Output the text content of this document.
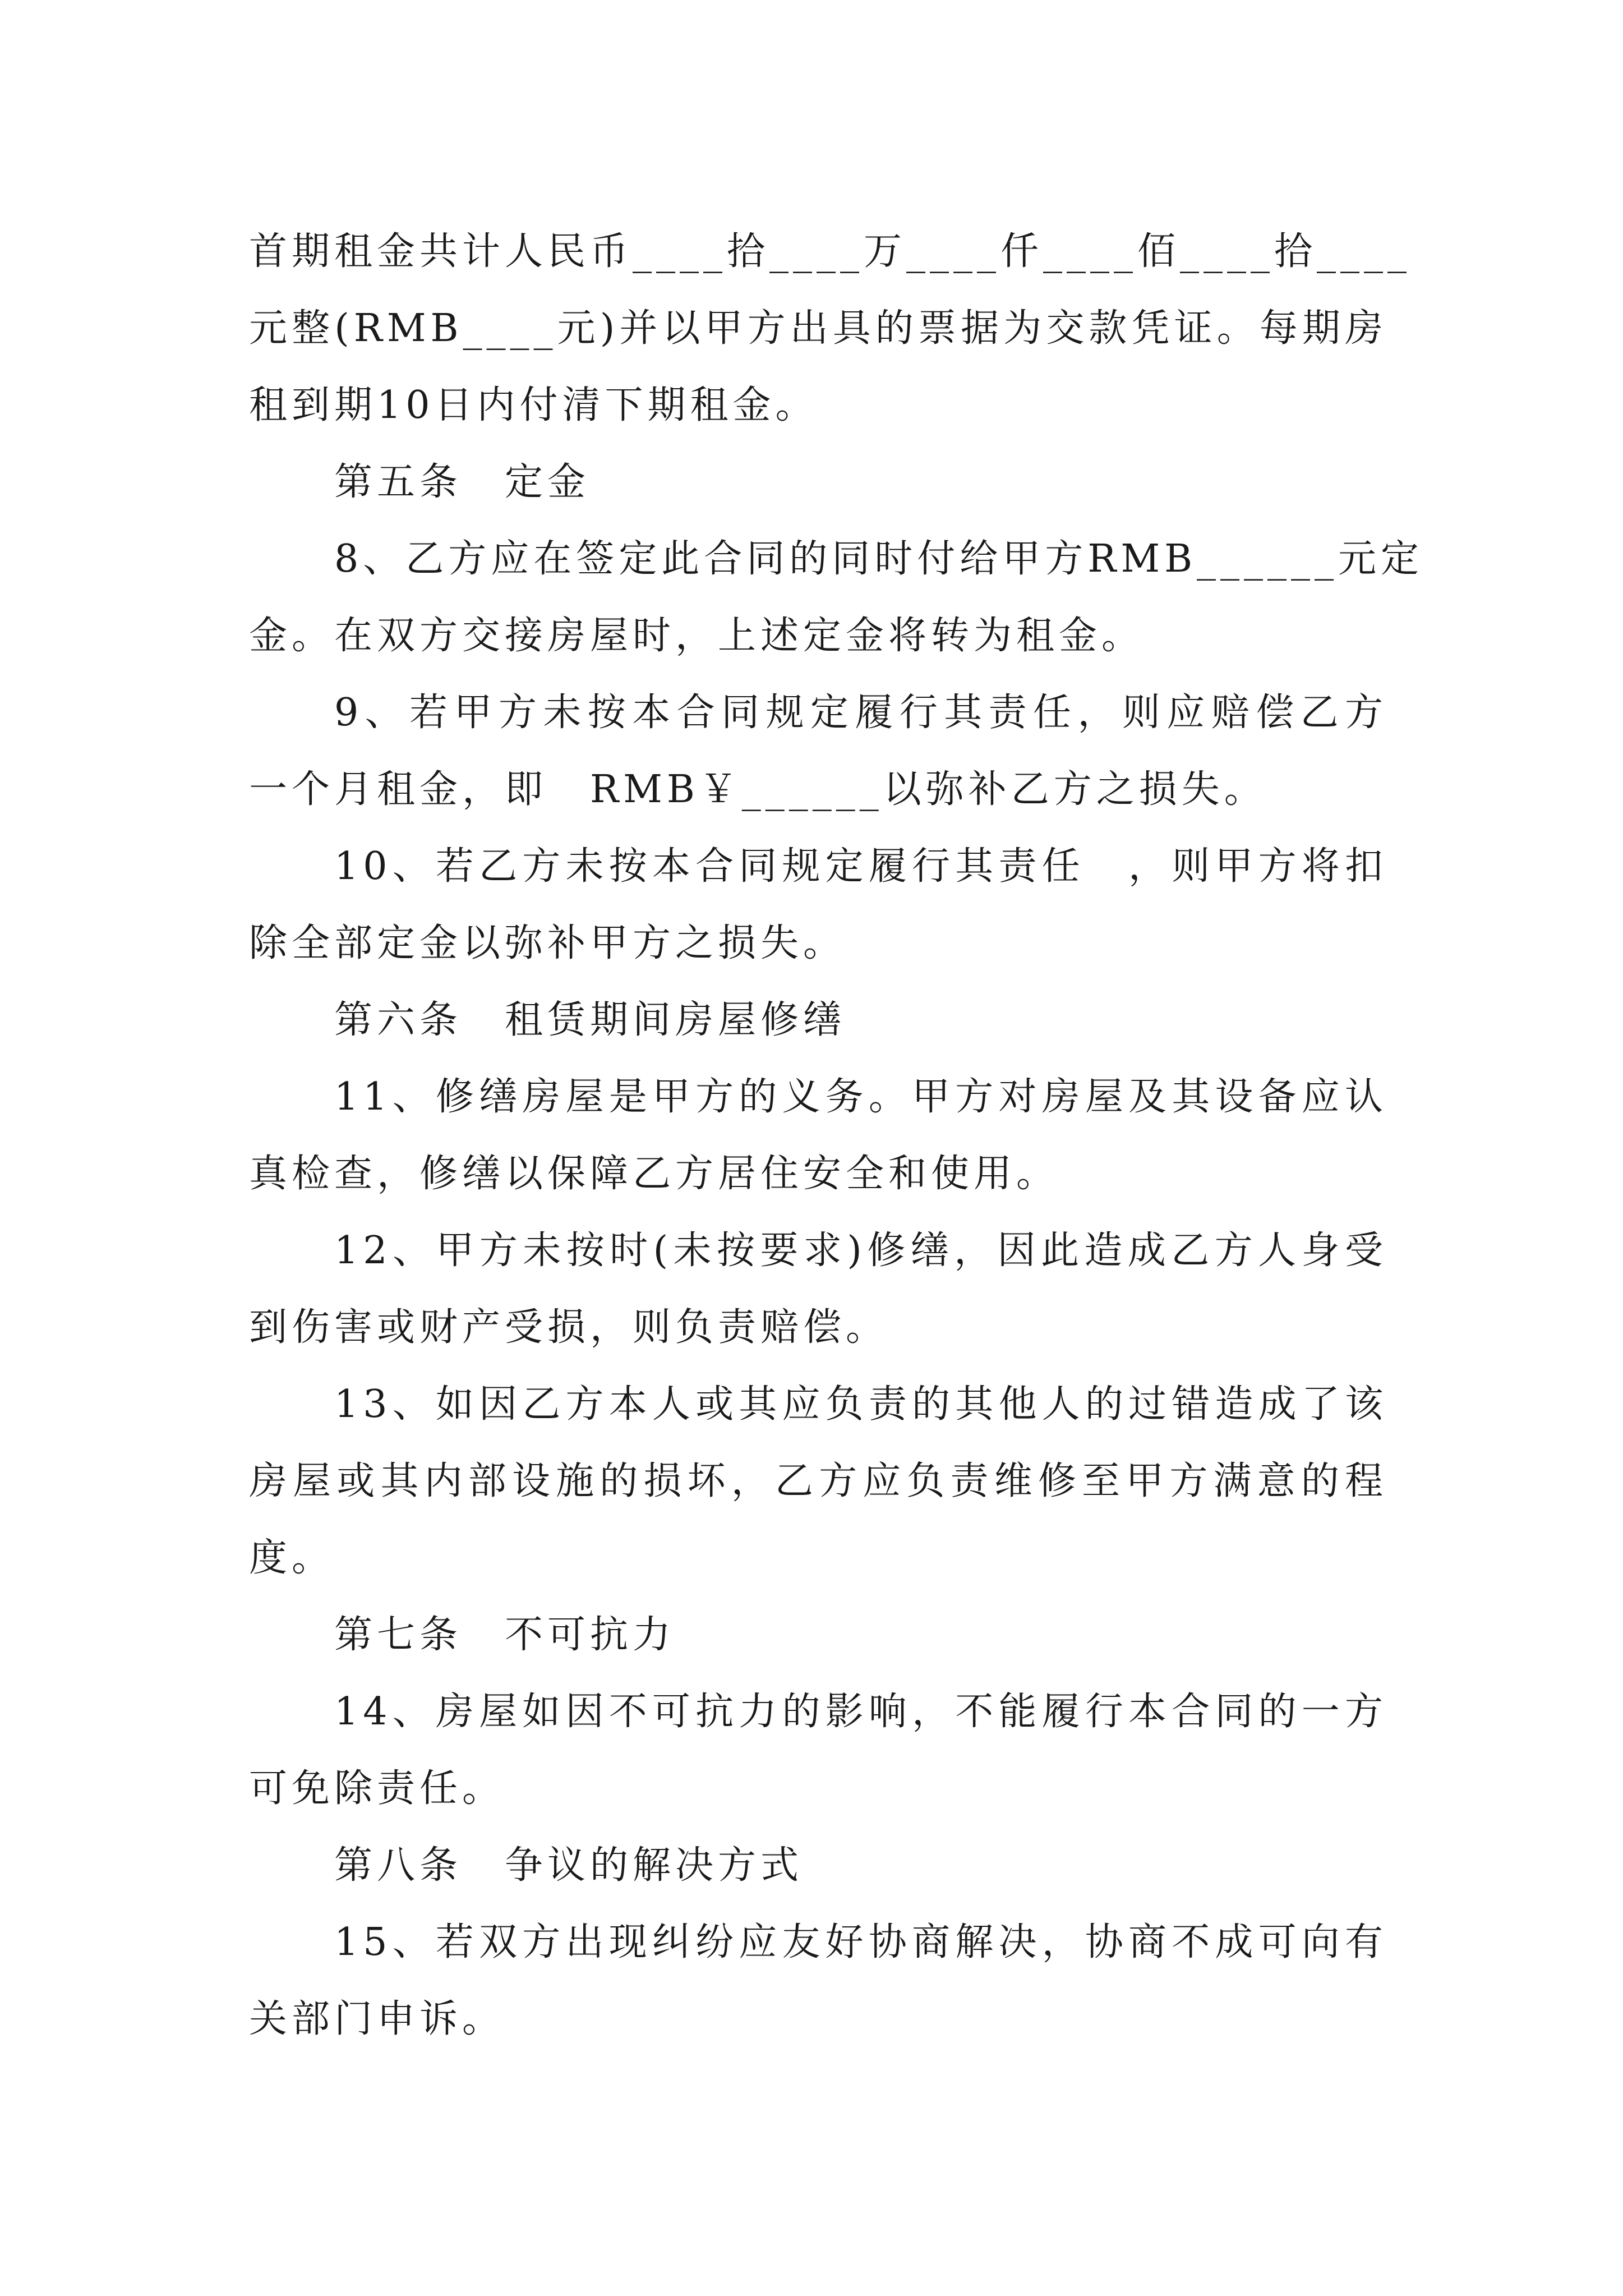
首期租金共计人民币____拾____万____仟____佰____拾____
元整(RMB____元)并以甲方出具的票据为交款凭证。每期房
租到期10日内付清下期租金。
第五条　定金
8、乙方应在签定此合同的同时付给甲方RMB______元定
金。在双方交接房屋时，上述定金将转为租金。
9、若甲方未按本合同规定履行其责任，则应赔偿乙方
一个月租金，即　RMB￥______以弥补乙方之损失。
10、若乙方未按本合同规定履行其责任　，则甲方将扣
除全部定金以弥补甲方之损失。
第六条　租赁期间房屋修缮
11、修缮房屋是甲方的义务。甲方对房屋及其设备应认
真检查，修缮以保障乙方居住安全和使用。
12、甲方未按时(未按要求)修缮，因此造成乙方人身受
到伤害或财产受损，则负责赔偿。
13、如因乙方本人或其应负责的其他人的过错造成了该
房屋或其内部设施的损坏，乙方应负责维修至甲方满意的程
度。
第七条　不可抗力
14、房屋如因不可抗力的影响，不能履行本合同的一方
可免除责任。
第八条　争议的解决方式
15、若双方出现纠纷应友好协商解决，协商不成可向有
关部门申诉。
